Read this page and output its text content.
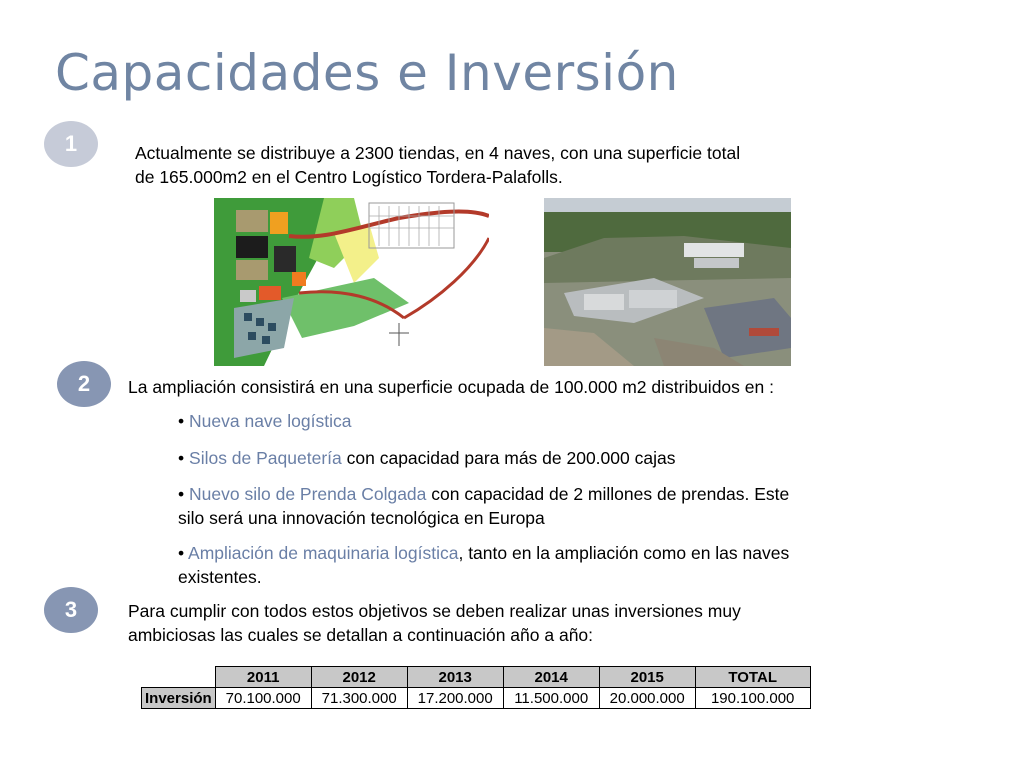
Capacidades e Inversión
1	Actualmente se distribuye a 2300 tiendas, en 4 naves, con una superficie total
de 165.000m2 en el Centro Logístico Tordera-Palafolls.
2	La ampliación consistirá en una superficie ocupada de 100.000 m2 distribuidos en :
• Nueva nave logística
• Silos de Paquetería con capacidad para más de 200.000 cajas
• Nuevo silo de Prenda Colgada con capacidad de 2 millones de prendas. Este
silo será una innovación tecnológica en Europa
• Ampliación de maquinaria logística, tanto en la ampliación como en las naves
existentes.
3	Para cumplir con todos estos objetivos se deben realizar unas inversiones muy
ambiciosas las cuales se detallan a continuación año a año:
	2011	2012	2013	2014	2015	TOTAL
Inversión	70.100.000	71.300.000	17.200.000	11.500.000	20.000.000	190.100.000
